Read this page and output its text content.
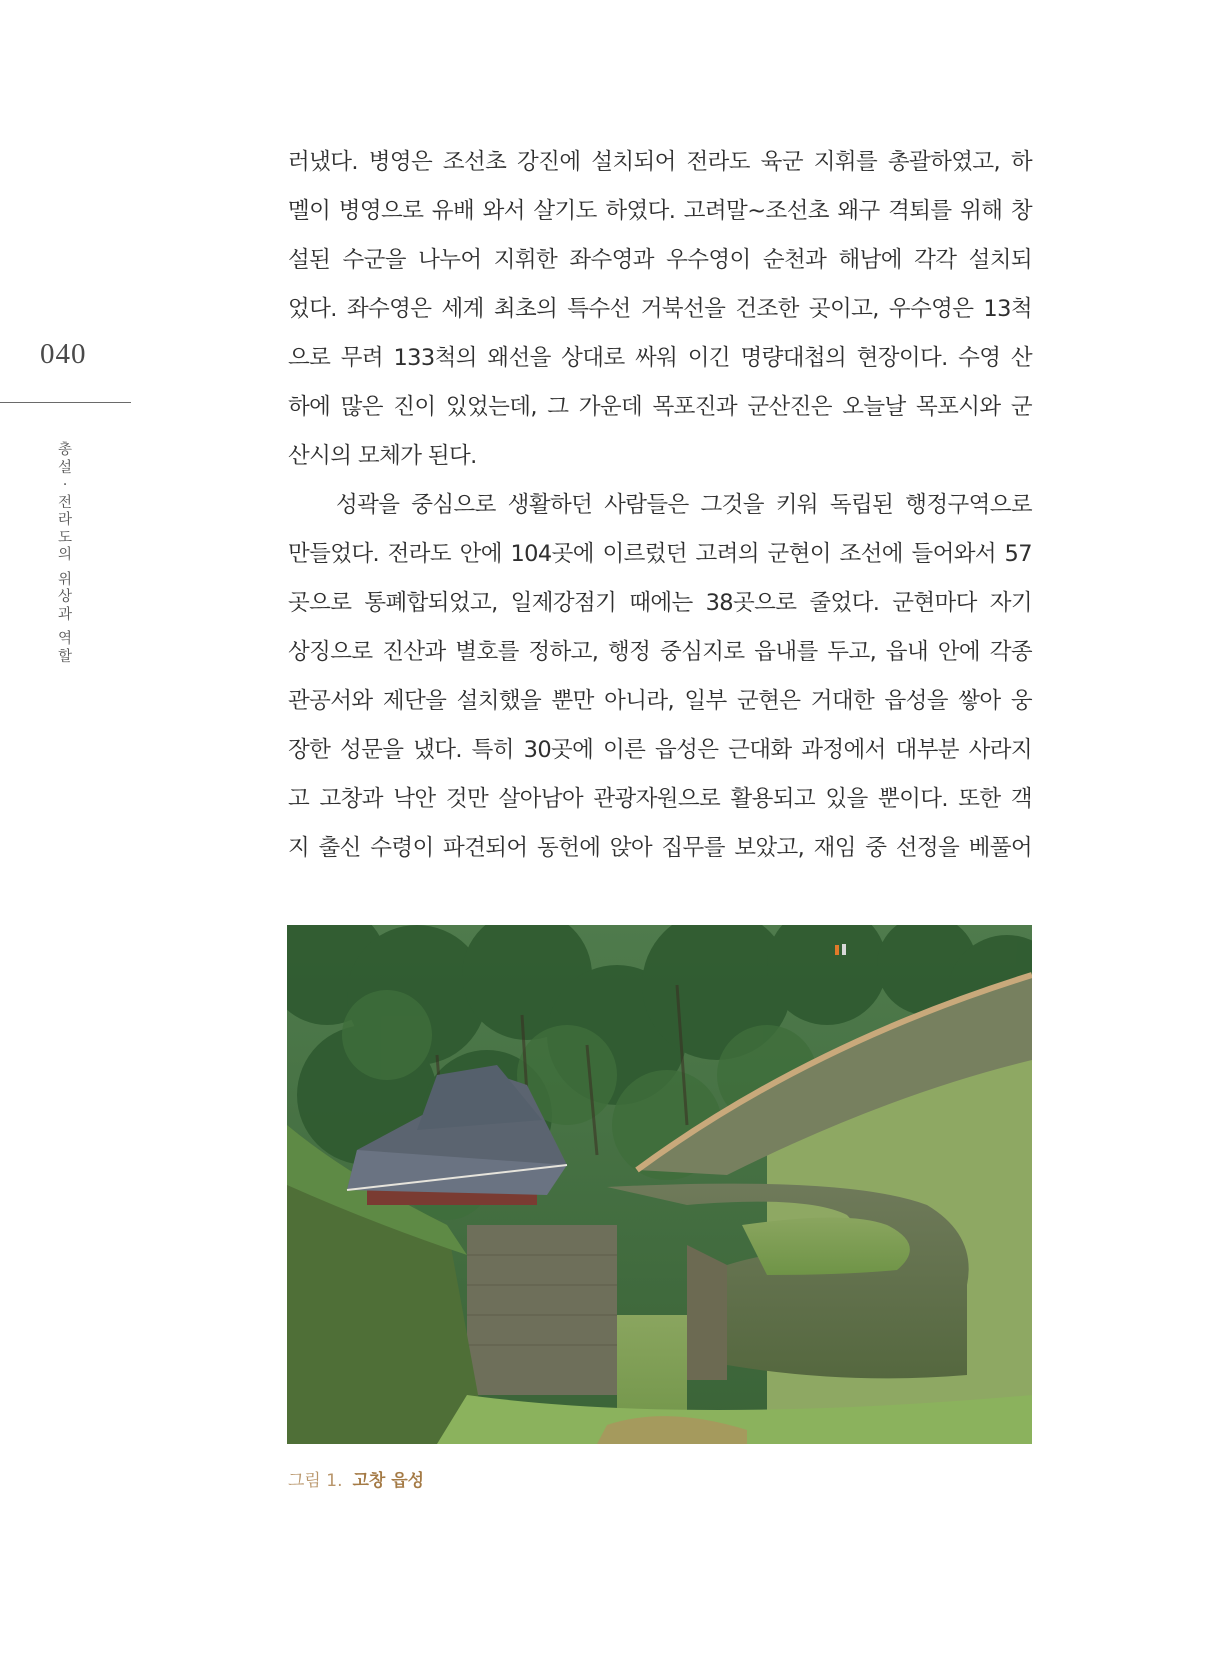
040
총
설
·
전
라
도
의
위
상
과
역
할
러냈다. 병영은 조선초 강진에 설치되어 전라도 육군 지휘를 총괄하였고, 하
멜이 병영으로 유배 와서 살기도 하였다. 고려말~조선초 왜구 격퇴를 위해 창
설된 수군을 나누어 지휘한 좌수영과 우수영이 순천과 해남에 각각 설치되
었다. 좌수영은 세계 최초의 특수선 거북선을 건조한 곳이고, 우수영은 13척
으로 무려 133척의 왜선을 상대로 싸워 이긴 명량대첩의 현장이다. 수영 산
하에 많은 진이 있었는데, 그 가운데 목포진과 군산진은 오늘날 목포시와 군
산시의 모체가 된다.
성곽을 중심으로 생활하던 사람들은 그것을 키워 독립된 행정구역으로
만들었다. 전라도 안에 104곳에 이르렀던 고려의 군현이 조선에 들어와서 57
곳으로 통폐합되었고, 일제강점기 때에는 38곳으로 줄었다. 군현마다 자기
상징으로 진산과 별호를 정하고, 행정 중심지로 읍내를 두고, 읍내 안에 각종
관공서와 제단을 설치했을 뿐만 아니라, 일부 군현은 거대한 읍성을 쌓아 웅
장한 성문을 냈다. 특히 30곳에 이른 읍성은 근대화 과정에서 대부분 사라지
고 고창과 낙안 것만 살아남아 관광자원으로 활용되고 있을 뿐이다. 또한 객
지 출신 수령이 파견되어 동헌에 앉아 집무를 보았고, 재임 중 선정을 베풀어
그림 1. 고창 읍성
